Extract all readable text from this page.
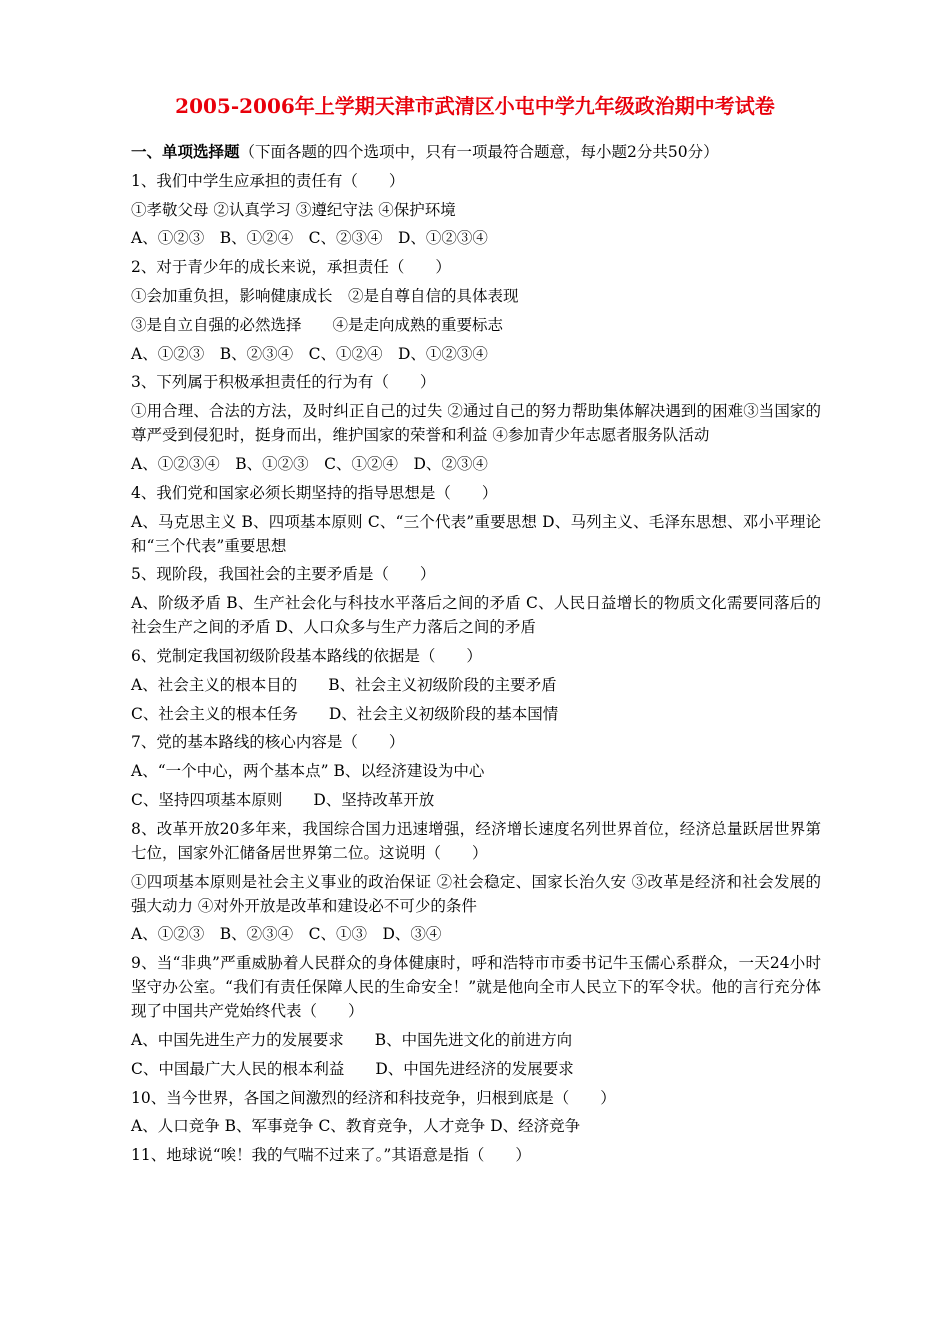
2005-2006年上学期天津市武清区小屯中学九年级政治期中考试卷
一、单项选择题（下面各题的四个选项中，只有一项最符合题意，每小题2分共50分）
1、我们中学生应承担的责任有（　　）
①孝敬父母 ②认真学习 ③遵纪守法 ④保护环境
A、①②③　B、①②④　C、②③④　D、①②③④
2、对于青少年的成长来说，承担责任（　　）
①会加重负担，影响健康成长　②是自尊自信的具体表现
③是自立自强的必然选择　　④是走向成熟的重要标志
A、①②③　B、②③④　C、①②④　D、①②③④
3、下列属于积极承担责任的行为有（　　）
①用合理、合法的方法，及时纠正自己的过失 ②通过自己的努力帮助集体解决遇到的困难③当国家的尊严受到侵犯时，挺身而出，维护国家的荣誉和利益 ④参加青少年志愿者服务队活动
A、①②③④　B、①②③　C、①②④　D、②③④
4、我们党和国家必须长期坚持的指导思想是（　　）
A、马克思主义 B、四项基本原则 C、“三个代表”重要思想 D、马列主义、毛泽东思想、邓小平理论和“三个代表”重要思想
5、现阶段，我国社会的主要矛盾是（　　）
A、阶级矛盾 B、生产社会化与科技水平落后之间的矛盾 C、人民日益增长的物质文化需要同落后的社会生产之间的矛盾 D、人口众多与生产力落后之间的矛盾
6、党制定我国初级阶段基本路线的依据是（　　）
A、社会主义的根本目的　　B、社会主义初级阶段的主要矛盾
C、社会主义的根本任务　　D、社会主义初级阶段的基本国情
7、党的基本路线的核心内容是（　　）
A、“一个中心，两个基本点” B、以经济建设为中心
C、坚持四项基本原则　　D、坚持改革开放
8、改革开放20多年来，我国综合国力迅速增强，经济增长速度名列世界首位，经济总量跃居世界第七位，国家外汇储备居世界第二位。这说明（　　）
①四项基本原则是社会主义事业的政治保证 ②社会稳定、国家长治久安 ③改革是经济和社会发展的强大动力 ④对外开放是改革和建设必不可少的条件
A、①②③　B、②③④　C、①③　D、③④
9、当“非典”严重威胁着人民群众的身体健康时，呼和浩特市市委书记牛玉儒心系群众，一天24小时坚守办公室。“我们有责任保障人民的生命安全！”就是他向全市人民立下的军令状。他的言行充分体现了中国共产党始终代表（　　）
A、中国先进生产力的发展要求　　B、中国先进文化的前进方向
C、中国最广大人民的根本利益　　D、中国先进经济的发展要求
10、当今世界，各国之间激烈的经济和科技竞争，归根到底是（　　）
A、人口竞争 B、军事竞争 C、教育竞争，人才竞争 D、经济竞争
11、地球说“唉！我的气喘不过来了。”其语意是指（　　）
